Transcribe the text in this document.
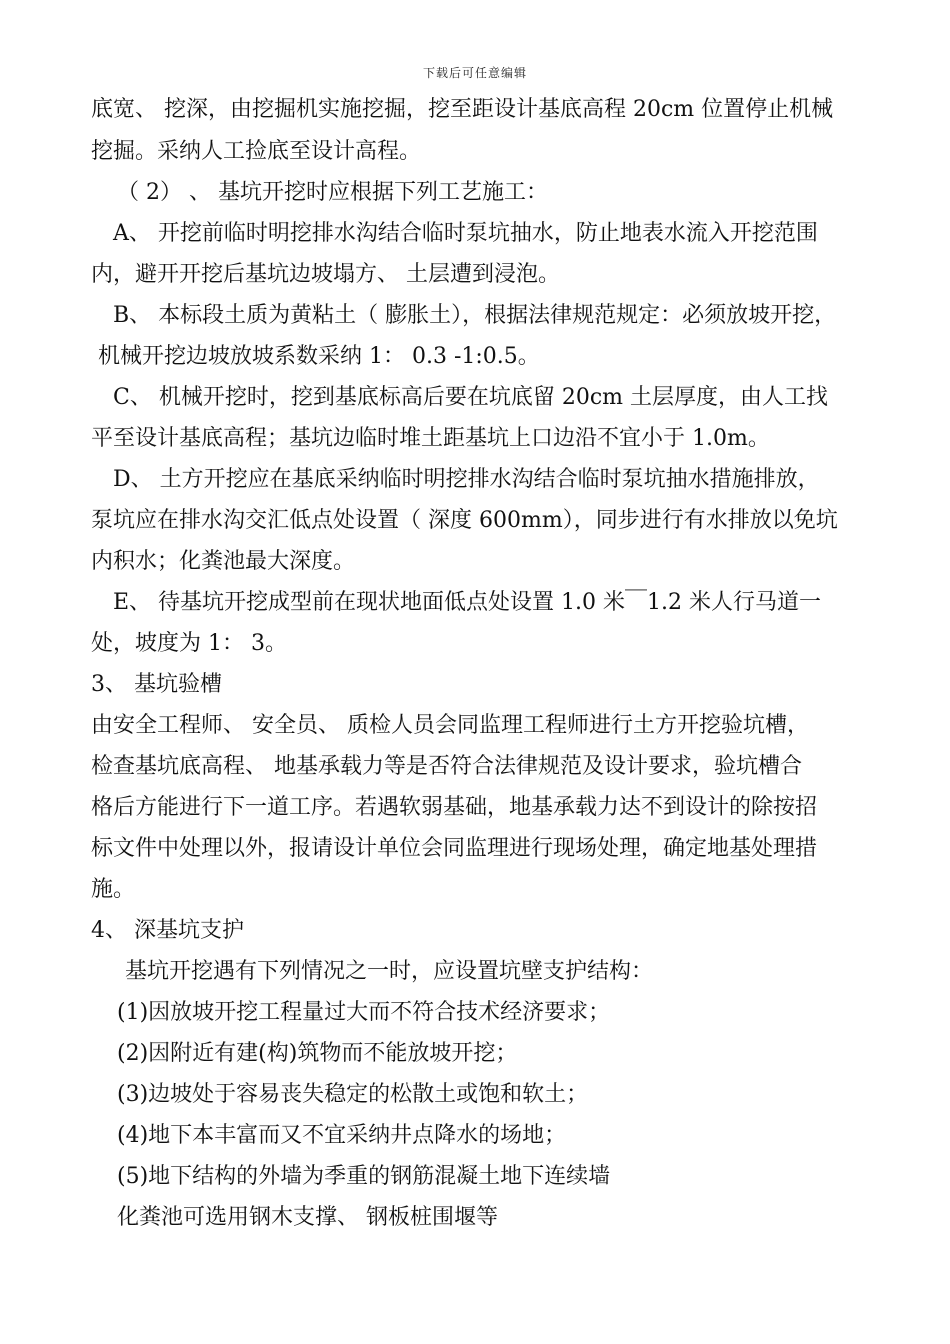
下载后可任意编辑
底宽、 挖深，由挖掘机实施挖掘，挖至距设计基底高程 20cm 位置停止机械
挖掘。采纳人工捡底至设计高程。
（ 2） 、 基坑开挖时应根据下列工艺施工：
A、 开挖前临时明挖排水沟结合临时泵坑抽水，防止地表水流入开挖范围
内，避开开挖后基坑边坡塌方、 土层遭到浸泡。
B、 本标段土质为黄粘土（ 膨胀土），根据法律规范规定：必须放坡开挖，
机械开挖边坡放坡系数采纳 1： 0.3 -1:0.5。
C、 机械开挖时，挖到基底标高后要在坑底留 20cm 土层厚度，由人工找
平至设计基底高程；基坑边临时堆土距基坑上口边沿不宜小于 1.0m。
D、 土方开挖应在基底采纳临时明挖排水沟结合临时泵坑抽水措施排放，
泵坑应在排水沟交汇低点处设置（ 深度 600mm），同步进行有水排放以免坑
内积水；化粪池最大深度。
E、 待基坑开挖成型前在现状地面低点处设置 1.0 米￣1.2 米人行马道一
处，坡度为 1： 3。
3、 基坑验槽
由安全工程师、 安全员、 质检人员会同监理工程师进行土方开挖验坑槽，
检查基坑底高程、 地基承载力等是否符合法律规范及设计要求，验坑槽合
格后方能进行下一道工序。若遇软弱基础，地基承载力达不到设计的除按招
标文件中处理以外，报请设计单位会同监理进行现场处理，确定地基处理措
施。
4、 深基坑支护
基坑开挖遇有下列情况之一时，应设置坑壁支护结构：
(1)因放坡开挖工程量过大而不符合技术经济要求；
(2)因附近有建(构)筑物而不能放坡开挖；
(3)边坡处于容易丧失稳定的松散土或饱和软土；
(4)地下本丰富而又不宜采纳井点降水的场地；
(5)地下结构的外墙为季重的钢筋混凝土地下连续墙
化粪池可选用钢木支撑、 钢板桩围堰等
